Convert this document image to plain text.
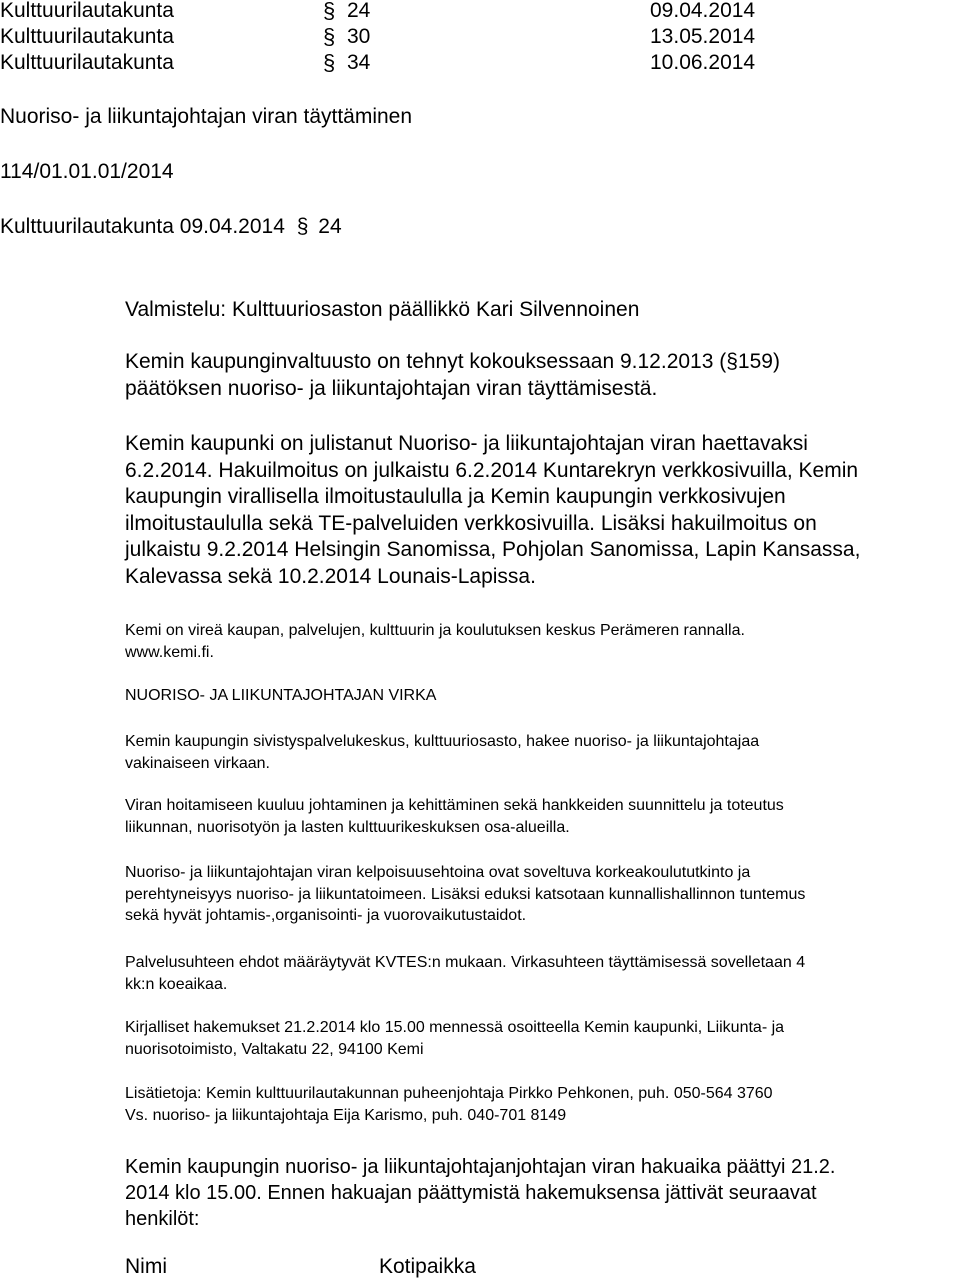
Kulttuurilautakunta	§ 24	09.04.2014
Kulttuurilautakunta	§ 30	13.05.2014
Kulttuurilautakunta	§ 34	10.06.2014
Nuoriso- ja liikuntajohtajan viran täyttäminen
114/01.01.01/2014
Kulttuurilautakunta 09.04.2014 § 24
Valmistelu: Kulttuuriosaston päällikkö Kari Silvennoinen
Kemin kaupunginvaltuusto on tehnyt kokouksessaan 9.12.2013 (§159)
päätöksen nuoriso- ja liikuntajohtajan viran täyttämisestä.
Kemin kaupunki on julistanut Nuoriso- ja liikuntajohtajan viran haettavaksi
6.2.2014. Hakuilmoitus on julkaistu 6.2.2014 Kuntarekryn verkkosivuilla, Kemin
kaupungin virallisella ilmoitustaululla ja Kemin kaupungin verkkosivujen
ilmoitustaululla sekä TE-palveluiden verkkosivuilla. Lisäksi hakuilmoitus on
julkaistu 9.2.2014 Helsingin Sanomissa, Pohjolan Sanomissa, Lapin Kansassa,
Kalevassa sekä 10.2.2014 Lounais-Lapissa.
Kemi on vireä kaupan, palvelujen, kulttuurin ja koulutuksen keskus Perämeren rannalla.
www.kemi.fi.
NUORISO- JA LIIKUNTAJOHTAJAN VIRKA
Kemin kaupungin sivistyspalvelukeskus, kulttuuriosasto, hakee nuoriso- ja liikuntajohtajaa
vakinaiseen virkaan.
Viran hoitamiseen kuuluu johtaminen ja kehittäminen sekä hankkeiden suunnittelu ja toteutus
liikunnan, nuorisotyön ja lasten kulttuurikeskuksen osa-alueilla.
Nuoriso- ja liikuntajohtajan viran kelpoisuusehtoina ovat soveltuva korkeakoulututkinto ja
perehtyneisyys nuoriso- ja liikuntatoimeen. Lisäksi eduksi katsotaan kunnallishallinnon tuntemus
sekä hyvät johtamis-,organisointi- ja vuorovaikutustaidot.
Palvelusuhteen ehdot määräytyvät KVTES:n mukaan. Virkasuhteen täyttämisessä sovelletaan 4
kk:n koeaikaa.
Kirjalliset hakemukset 21.2.2014 klo 15.00 mennessä osoitteella Kemin kaupunki, Liikunta- ja
nuorisotoimisto, Valtakatu 22, 94100 Kemi
Lisätietoja: Kemin kulttuurilautakunnan puheenjohtaja Pirkko Pehkonen, puh. 050-564 3760
Vs. nuoriso- ja liikuntajohtaja Eija Karismo, puh. 040-701 8149
Kemin kaupungin nuoriso- ja liikuntajohtajanjohtajan viran hakuaika päättyi 21.2.
2014 klo 15.00. Ennen hakuajan päättymistä hakemuksensa jättivät seuraavat
henkilöt:
Nimi	Kotipaikka
